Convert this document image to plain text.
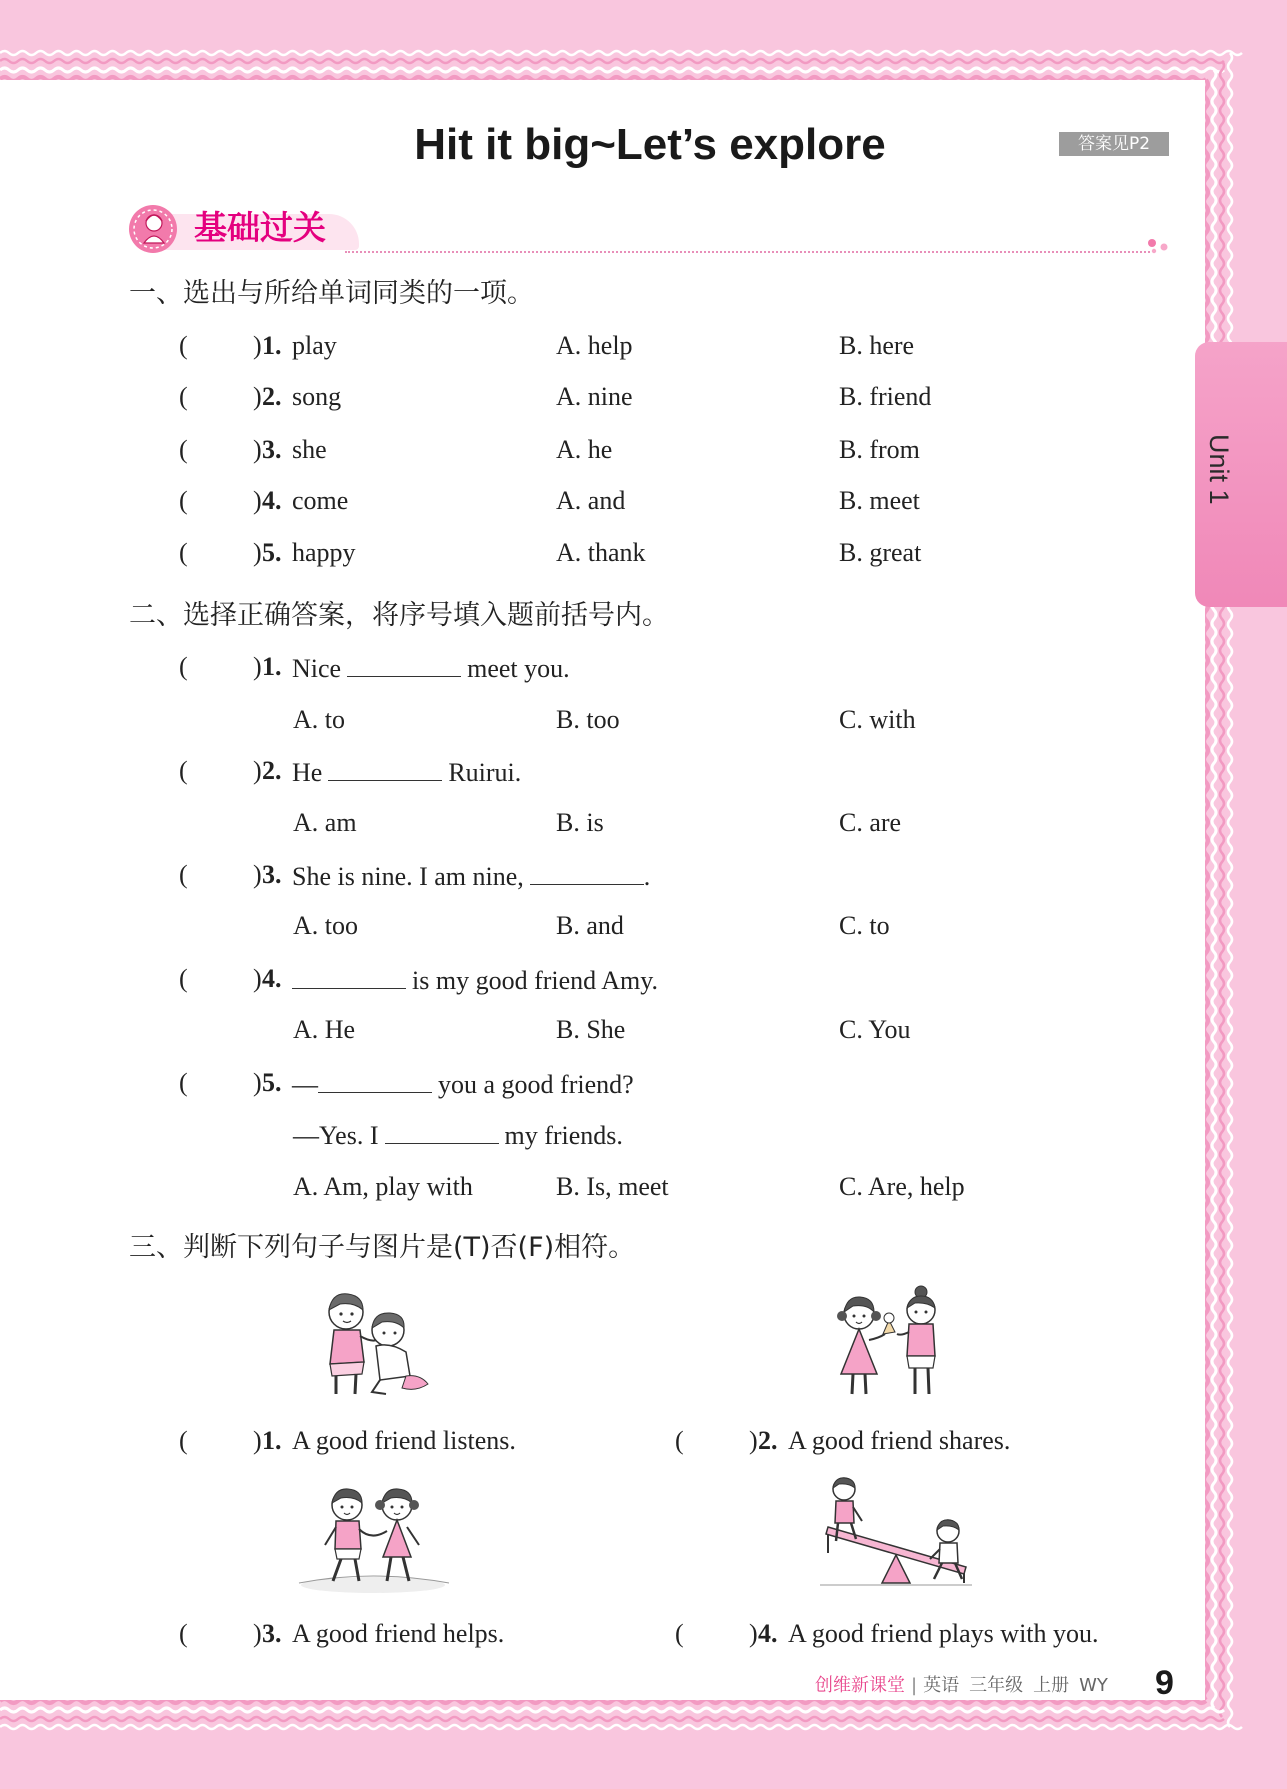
Hit it big~Let’s explore	答案见P2
Unit 1
基础过关
一、选出与所给单词同类的一项。
(	) 1. play	A. help	B. here
(	) 2. song	A. nine	B. friend
(	) 3. she	A. he	B. from
(	) 4. come	A. and	B. meet
(	) 5. happy	A. thank	B. great
二、选择正确答案，将序号填入题前括号内。
(	) 1. Nice	meet you.
A. to	B. too	C. with
(	) 2. He	Ruirui.
A. am	B. is	C. are
(	) 3. She is nine. I am nine,	.
A. too	B. and	C. to
(	) 4.	is my good friend Amy.
A. He	B. She	C. You
(	) 5. —	you a good friend?
—Yes. I	my friends.
A. Am, play with	B. Is, meet	C. Are, help
三、判断下列句子与图片是(T)否(F)相符。
(	) 1. A good friend listens.	(	) 2. A good friend shares.
(	) 3. A good friend helps.	(	) 4. A good friend plays with you.
创维新课堂 | 英语 三年级 上册 WY 9
